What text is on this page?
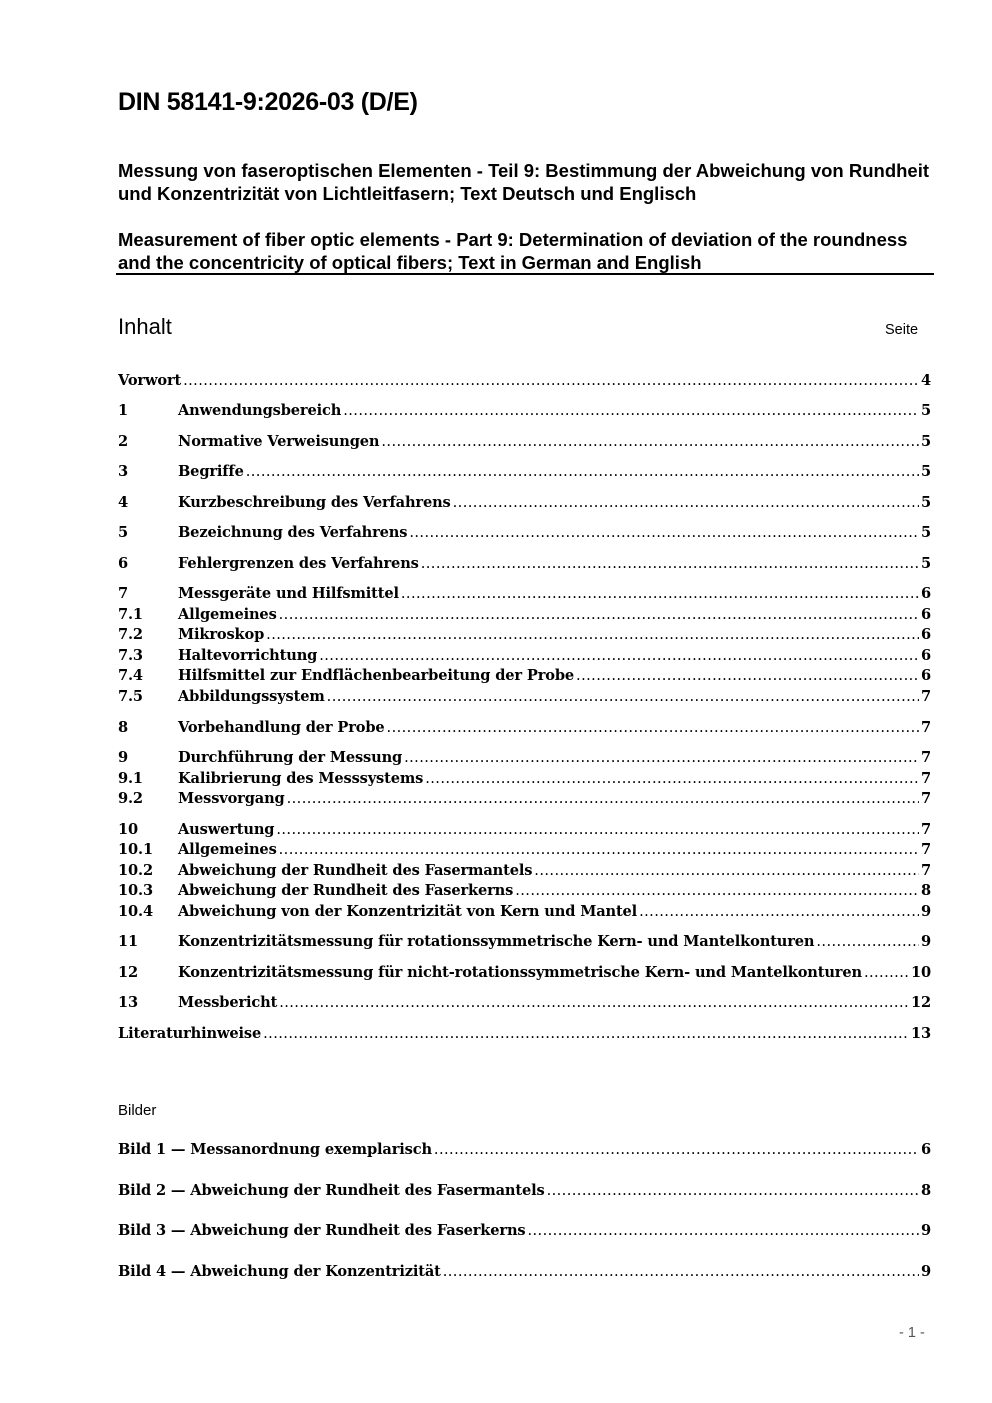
DIN 58141-9:2026-03 (D/E)
Messung von faseroptischen Elementen - Teil 9: Bestimmung der Abweichung von Rundheit und Konzentrizität von Lichtleitfasern; Text Deutsch und Englisch
Measurement of fiber optic elements - Part 9: Determination of deviation of the roundness and the concentricity of optical fibers; Text in German and English
Inhalt	Seite
Vorwort .....	4
1	Anwendungsbereich .....	5
2	Normative Verweisungen .....	5
3	Begriffe .....	5
4	Kurzbeschreibung des Verfahrens .....	5
5	Bezeichnung des Verfahrens .....	5
6	Fehlergrenzen des Verfahrens .....	5
7	Messgeräte und Hilfsmittel .....	6
7.1	Allgemeines .....	6
7.2	Mikroskop .....	6
7.3	Haltevorrichtung .....	6
7.4	Hilfsmittel zur Endflächenbearbeitung der Probe .....	6
7.5	Abbildungssystem .....	7
8	Vorbehandlung der Probe .....	7
9	Durchführung der Messung .....	7
9.1	Kalibrierung des Messsystems .....	7
9.2	Messvorgang .....	7
10	Auswertung .....	7
10.1	Allgemeines .....	7
10.2	Abweichung der Rundheit des Fasermantels .....	7
10.3	Abweichung der Rundheit des Faserkerns .....	8
10.4	Abweichung von der Konzentrizität von Kern und Mantel .....	9
11	Konzentrizitätsmessung für rotationssymmetrische Kern- und Mantelkonturen .....	9
12	Konzentrizitätsmessung für nicht-rotationssymmetrische Kern- und Mantelkonturen .....	10
13	Messbericht .....	12
Literaturhinweise .....	13
Bilder
Bild 1 — Messanordnung exemplarisch .....	6
Bild 2 — Abweichung der Rundheit des Fasermantels .....	8
Bild 3 — Abweichung der Rundheit des Faserkerns .....	9
Bild 4 — Abweichung der Konzentrizität .....	9
- 1 -
